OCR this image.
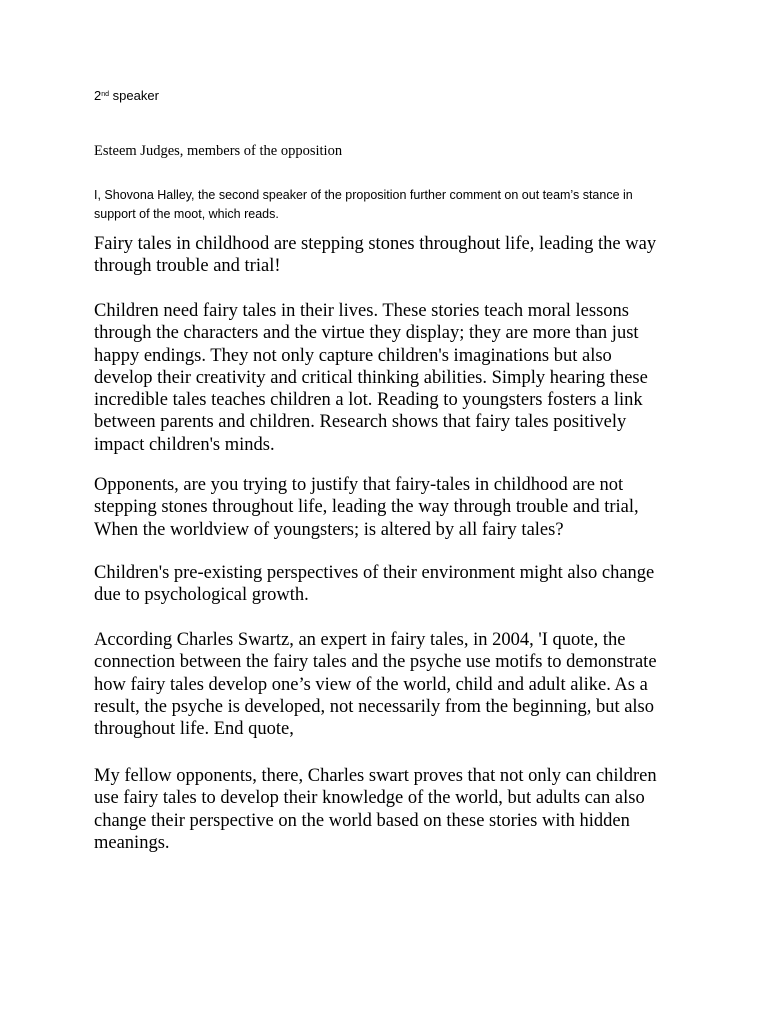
2nd speaker

Esteem Judges, members of the opposition

I, Shovona Halley, the second speaker of the proposition further comment on out team’s stance in support of the moot, which reads.

Fairy tales in childhood are stepping stones throughout life, leading the way through trouble and trial!

Children need fairy tales in their lives. These stories teach moral lessons through the characters and the virtue they display; they are more than just happy endings. They not only capture children's imaginations but also develop their creativity and critical thinking abilities. Simply hearing these incredible tales teaches children a lot. Reading to youngsters fosters a link between parents and children. Research shows that fairy tales positively impact children's minds.

Opponents, are you trying to justify that fairy-tales in childhood are not stepping stones throughout life, leading the way through trouble and trial, When the worldview of youngsters; is altered by all fairy tales?

Children's pre-existing perspectives of their environment might also change due to psychological growth.

According Charles Swartz, an expert in fairy tales, in 2004, 'I quote, the connection between the fairy tales and the psyche use motifs to demonstrate how fairy tales develop one’s view of the world, child and adult alike. As a result, the psyche is developed, not necessarily from the beginning, but also throughout life. End quote,

My fellow opponents, there, Charles swart proves that not only can children use fairy tales to develop their knowledge of the world, but adults can also change their perspective on the world based on these stories with hidden meanings.
